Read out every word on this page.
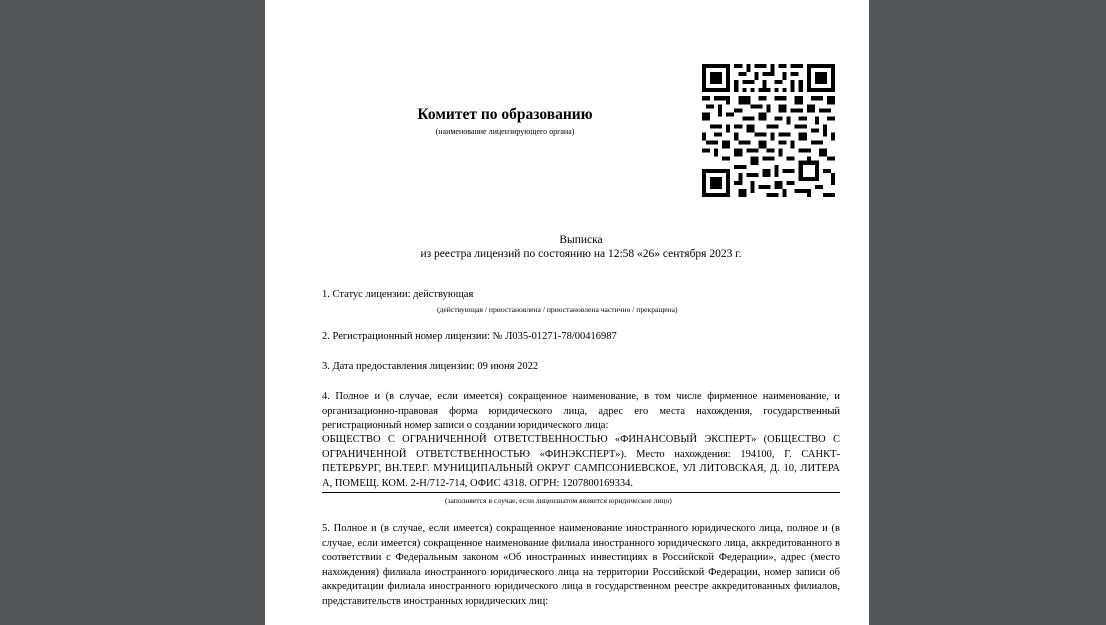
Комитет по образованию
(наименование лицензирующего органа)
Выписка
из реестра лицензий по состоянию на 12:58 «26» сентября 2023 г.
1. Статус лицензии: действующая
(действующая / приостановлена / приостановлена частично / прекращена)
2. Регистрационный номер лицензии: № Л035-01271-78/00416987
3. Дата предоставления лицензии: 09 июня 2022
4. Полное и (в случае, если имеется) сокращенное наименование, в том числе фирменное наименование, и организационно-правовая форма юридического лица, адрес его места нахождения, государственный регистрационный номер записи о создании юридического лица:
ОБЩЕСТВО С ОГРАНИЧЕННОЙ ОТВЕТСТВЕННОСТЬЮ «ФИНАНСОВЫЙ ЭКСПЕРТ» (ОБЩЕСТВО С ОГРАНИЧЕННОЙ ОТВЕТСТВЕННОСТЬЮ «ФИНЭКСПЕРТ»). Место нахождения: 194100, Г. САНКТ-ПЕТЕРБУРГ, ВН.ТЕР.Г. МУНИЦИПАЛЬНЫЙ ОКРУГ САМПСОНИЕВСКОЕ, УЛ ЛИТОВСКАЯ, Д. 10, ЛИТЕРА А, ПОМЕЩ. КОМ. 2-Н/712-714, ОФИС 4318. ОГРН: 1207800169334.
(заполняется в случае, если лицензиатом является юридическое лицо)
5. Полное и (в случае, если имеется) сокращенное наименование иностранного юридического лица, полное и (в случае, если имеется) сокращенное наименование филиала иностранного юридического лица, аккредитованного в соответствии с Федеральным законом «Об иностранных инвестициях в Российской Федерации», адрес (место нахождения) филиала иностранного юридического лица на территории Российской Федерации, номер записи об аккредитации филиала иностранного юридического лица в государственном реестре аккредитованных филиалов, представительств иностранных юридических лиц:
